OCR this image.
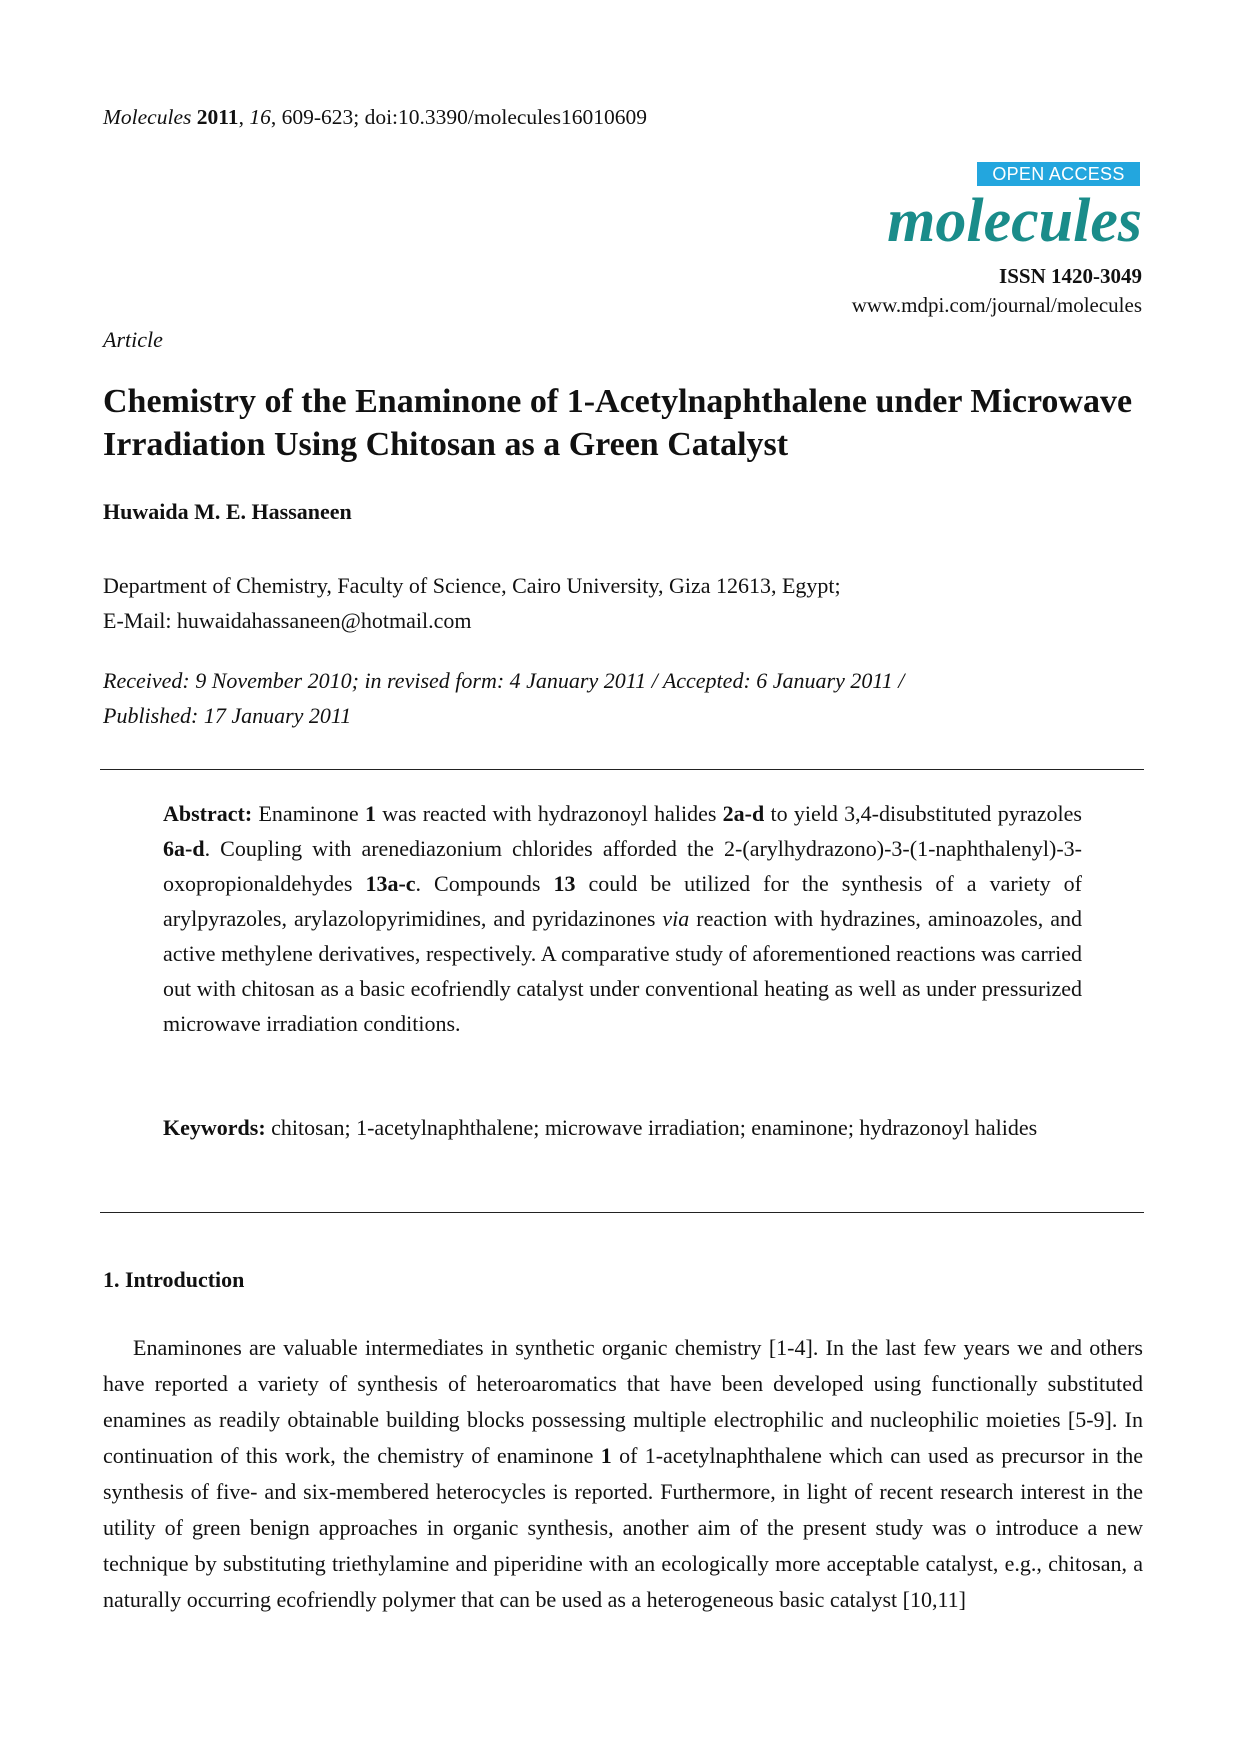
Molecules 2011, 16, 609-623; doi:10.3390/molecules16010609
OPEN ACCESS
molecules
ISSN 1420-3049
www.mdpi.com/journal/molecules
Article
Chemistry of the Enaminone of 1-Acetylnaphthalene under Microwave Irradiation Using Chitosan as a Green Catalyst
Huwaida M. E. Hassaneen
Department of Chemistry, Faculty of Science, Cairo University, Giza 12613, Egypt;
E-Mail: huwaidahassaneen@hotmail.com
Received: 9 November 2010; in revised form: 4 January 2011 / Accepted: 6 January 2011 /
Published: 17 January 2011

Abstract: Enaminone 1 was reacted with hydrazonoyl halides 2a-d to yield 3,4-disubstituted pyrazoles 6a-d. Coupling with arenediazonium chlorides afforded the 2-(arylhydrazono)-3-(1-naphthalenyl)-3-oxopropionaldehydes 13a-c. Compounds 13 could be utilized for the synthesis of a variety of arylpyrazoles, arylazolopyrimidines, and pyridazinones via reaction with hydrazines, aminoazoles, and active methylene derivatives, respectively. A comparative study of aforementioned reactions was carried out with chitosan as a basic ecofriendly catalyst under conventional heating as well as under pressurized microwave irradiation conditions.

Keywords: chitosan; 1-acetylnaphthalene; microwave irradiation; enaminone; hydrazonoyl halides

1. Introduction

Enaminones are valuable intermediates in synthetic organic chemistry [1-4]. In the last few years we and others have reported a variety of synthesis of heteroaromatics that have been developed using functionally substituted enamines as readily obtainable building blocks possessing multiple electrophilic and nucleophilic moieties [5-9]. In continuation of this work, the chemistry of enaminone 1 of 1-acetylnaphthalene which can used as precursor in the synthesis of five- and six-membered heterocycles is reported. Furthermore, in light of recent research interest in the utility of green benign approaches in organic synthesis, another aim of the present study was o introduce a new technique by substituting triethylamine and piperidine with an ecologically more acceptable catalyst, e.g., chitosan, a naturally occurring ecofriendly polymer that can be used as a heterogeneous basic catalyst [10,11]
